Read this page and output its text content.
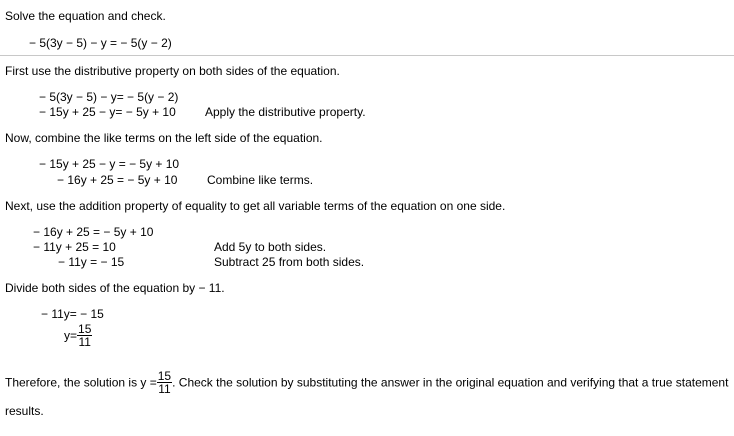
Solve the equation and check.
− 5(3y − 5) − y = − 5(y − 2)
First use the distributive property on both sides of the equation.
− 5(3y − 5) − y= − 5(y − 2)
− 15y + 25 − y= − 5y + 10 Apply the distributive property.
Now, combine the like terms on the left side of the equation.
− 15y + 25 − y = − 5y + 10
− 16y + 25 = − 5y + 10 Combine like terms.
Next, use the addition property of equality to get all variable terms of the equation on one side.
− 16y + 25 = − 5y + 10
− 11y + 25 = 10
− 11y = − 15
Add 5y to both sides.
Subtract 25 from both sides.
Divide both sides of the equation by − 11.
− 11y= − 15
$y= \frac{15}{11}$
Therefore, the solution is $y = \frac{15}{11}$ . Check the solution by substituting the answer in the original equation and verifying that a true statement
results.
